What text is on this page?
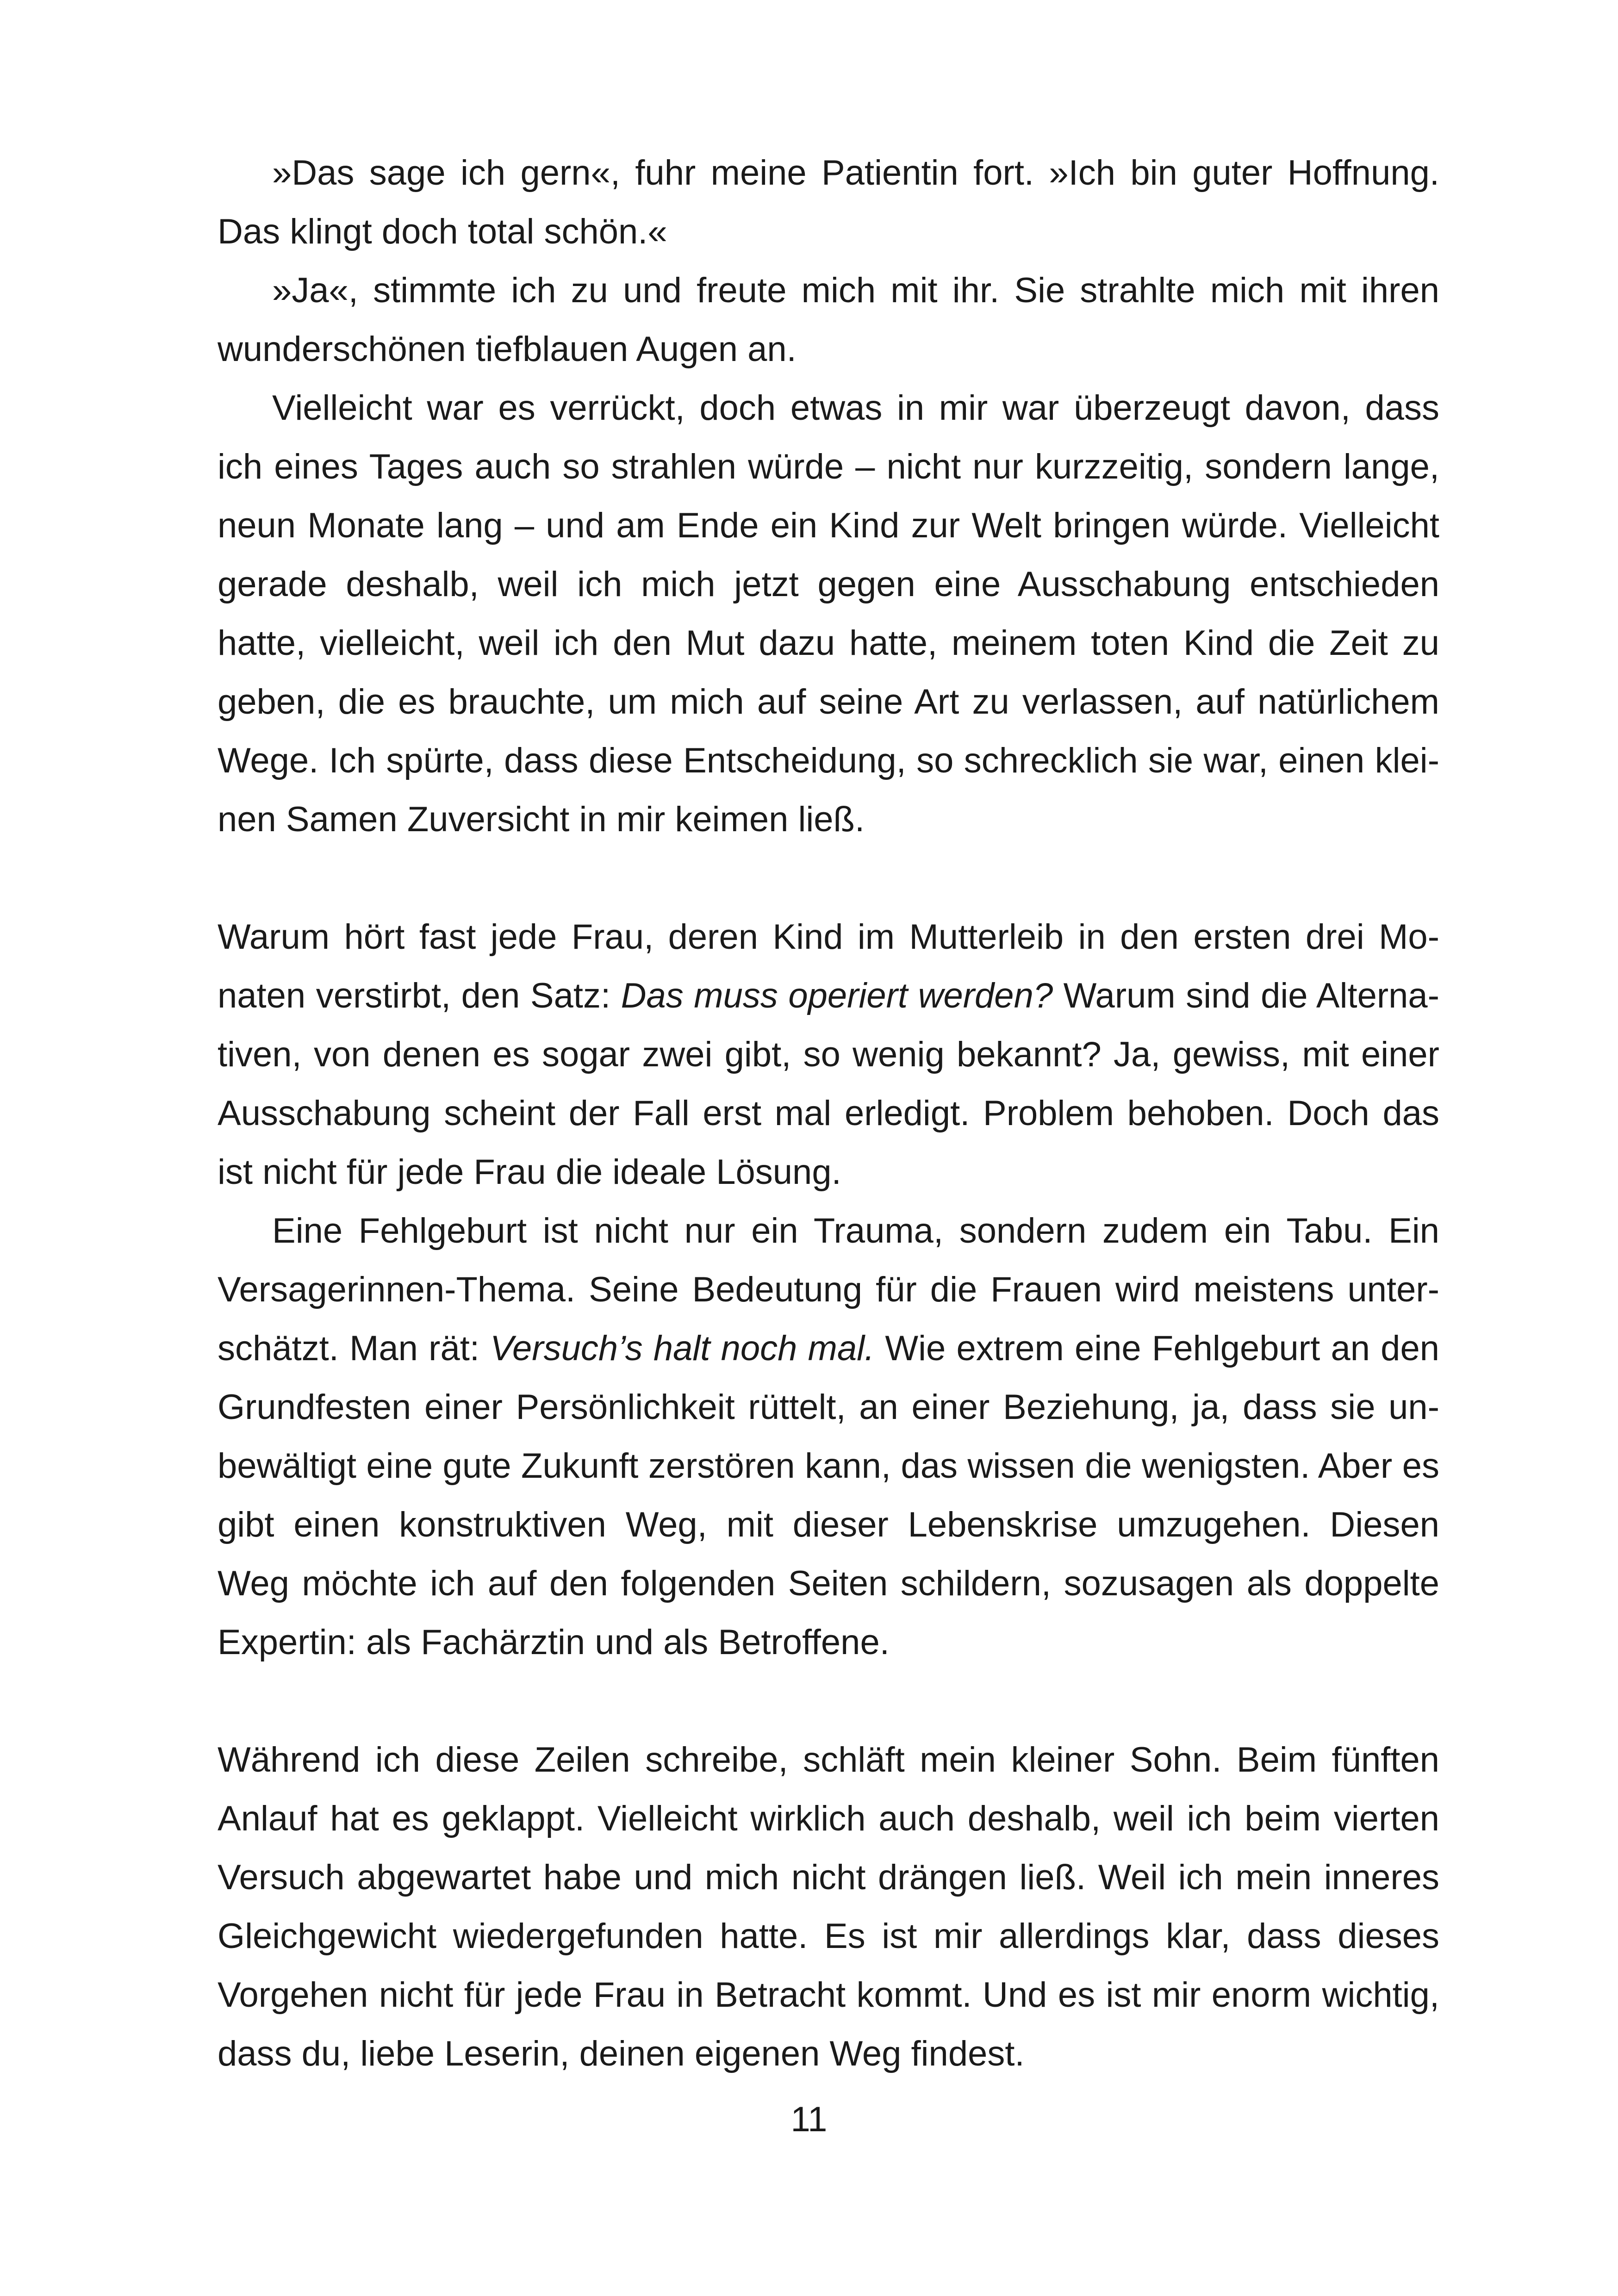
»Das sage ich gern«, fuhr meine Patientin fort. »Ich bin guter Hoffnung. Das klingt doch total schön.«

»Ja«, stimmte ich zu und freute mich mit ihr. Sie strahlte mich mit ihren wunderschönen tiefblauen Augen an.

Vielleicht war es verrückt, doch etwas in mir war überzeugt davon, dass ich eines Tages auch so strahlen würde – nicht nur kurzzeitig, sondern lange, neun Monate lang – und am Ende ein Kind zur Welt bringen würde. Vielleicht gerade deshalb, weil ich mich jetzt gegen eine Ausschabung entschieden hatte, vielleicht, weil ich den Mut dazu hatte, meinem toten Kind die Zeit zu geben, die es brauchte, um mich auf seine Art zu verlassen, auf natürlichem Wege. Ich spürte, dass diese Entscheidung, so schrecklich sie war, einen kleinen Samen Zuversicht in mir keimen ließ.

Warum hört fast jede Frau, deren Kind im Mutterleib in den ersten drei Monaten verstirbt, den Satz: Das muss operiert werden? Warum sind die Alternativen, von denen es sogar zwei gibt, so wenig bekannt? Ja, gewiss, mit einer Ausschabung scheint der Fall erst mal erledigt. Problem behoben. Doch das ist nicht für jede Frau die ideale Lösung.

Eine Fehlgeburt ist nicht nur ein Trauma, sondern zudem ein Tabu. Ein Versagerinnen-Thema. Seine Bedeutung für die Frauen wird meistens unterschätzt. Man rät: Versuch’s halt noch mal. Wie extrem eine Fehlgeburt an den Grundfesten einer Persönlichkeit rüttelt, an einer Beziehung, ja, dass sie unbewältigt eine gute Zukunft zerstören kann, das wissen die wenigsten. Aber es gibt einen konstruktiven Weg, mit dieser Lebenskrise umzugehen. Diesen Weg möchte ich auf den folgenden Seiten schildern, sozusagen als doppelte Expertin: als Fachärztin und als Betroffene.

Während ich diese Zeilen schreibe, schläft mein kleiner Sohn. Beim fünften Anlauf hat es geklappt. Vielleicht wirklich auch deshalb, weil ich beim vierten Versuch abgewartet habe und mich nicht drängen ließ. Weil ich mein inneres Gleichgewicht wiedergefunden hatte. Es ist mir allerdings klar, dass dieses Vorgehen nicht für jede Frau in Betracht kommt. Und es ist mir enorm wichtig, dass du, liebe Leserin, deinen eigenen Weg findest.

11
